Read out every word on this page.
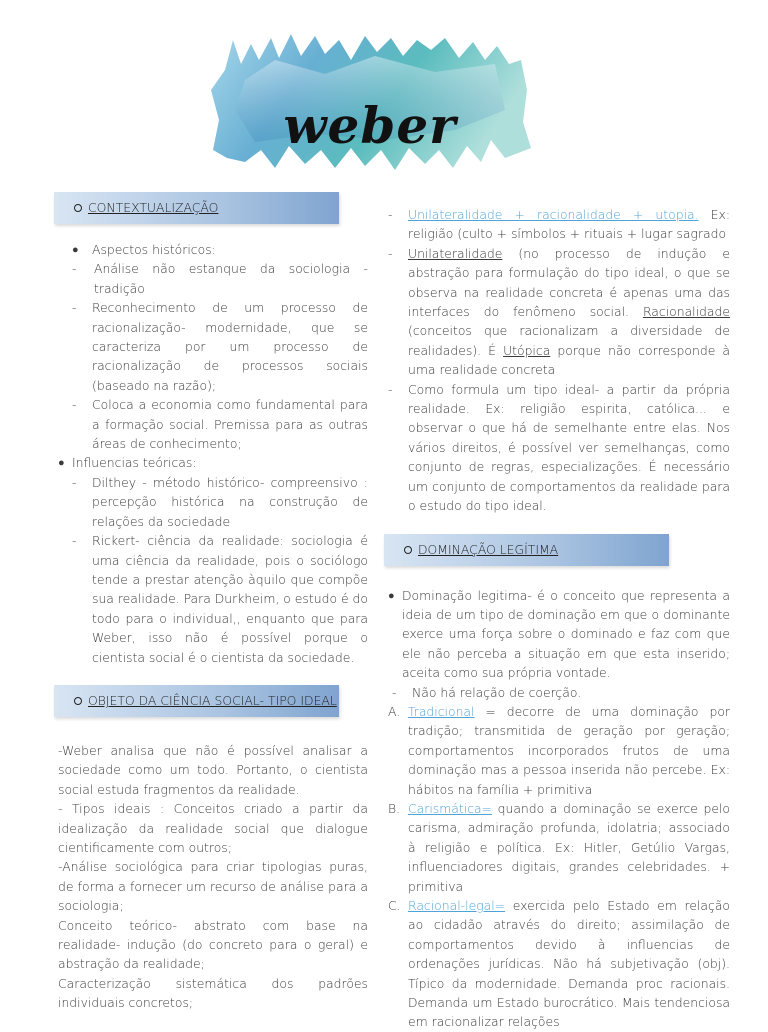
weber
CONTEXTUALIZAÇÃO
●	Aspectos históricos:
-	Análise não estanque da sociologia - tradição
-	Reconhecimento de um processo de racionalização- modernidade, que se caracteriza por um processo de racionalização de processos sociais (baseado na razão);
-	Coloca a economia como fundamental para a formação social. Premissa para as outras áreas de conhecimento;
● Influencias teóricas:
-	Dilthey - método histórico- compreensivo : percepção histórica na construção de relações da sociedade
-	Rickert- ciência da realidade: sociologia é uma ciência da realidade, pois o sociólogo tende a prestar atenção àquilo que compõe sua realidade. Para Durkheim, o estudo é do todo para o individual,, enquanto que para Weber, isso não é possível porque o cientista social é o cientista da sociedade.
OBJETO DA CIÊNCIA SOCIAL- TIPO IDEAL

-Weber analisa que não é possível analisar a sociedade como um todo. Portanto, o cientista social estuda fragmentos da realidade.

- Tipos ideais : Conceitos criado a partir da idealização da realidade social que dialogue cientificamente com outros;

-Análise sociológica para criar tipologias puras, de forma a fornecer um recurso de análise para a sociologia;

Conceito teórico- abstrato com base na realidade- indução (do concreto para o geral) e abstração da realidade;

Caracterização sistemática dos padrões individuais concretos;

-	Unilateralidade + racionalidade + utopia. Ex: religião (culto + símbolos + rituais + lugar sagrado
-	Unilateralidade (no processo de indução e abstração para formulação do tipo ideal, o que se observa na realidade concreta é apenas uma das interfaces do fenômeno social. Racionalidade (conceitos que racionalizam a diversidade de realidades). É Utópica porque não corresponde à uma realidade concreta
-	Como formula um tipo ideal- a partir da própria realidade. Ex: religião espirita, católica... e observar o que há de semelhante entre elas. Nos vários direitos, é possível ver semelhanças, como conjunto de regras, especializações. É necessário um conjunto de comportamentos da realidade para o estudo do tipo ideal.
DOMINAÇÃO LEGÍTIMA
● Dominação legitima- é o conceito que representa a ideia de um tipo de dominação em que o dominante exerce uma força sobre o dominado e faz com que ele não perceba a situação em que esta inserido; aceita como sua própria vontade.
-	Não há relação de coerção.
A. Tradicional = decorre de uma dominação por tradição; transmitida de geração por geração; comportamentos incorporados frutos de uma dominação mas a pessoa inserida não percebe. Ex: hábitos na família + primitiva
B. Carismática= quando a dominação se exerce pelo carisma, admiração profunda, idolatria; associado à religião e política. Ex: Hitler, Getúlio Vargas, influenciadores digitais, grandes celebridades. + primitiva
C. Racional-legal= exercida pelo Estado em relação ao cidadão através do direito; assimilação de comportamentos devido à influencias de ordenações jurídicas. Não há subjetivação (obj). Típico da modernidade. Demanda proc racionais. Demanda um Estado burocrático. Mais tendenciosa em racionalizar relações
